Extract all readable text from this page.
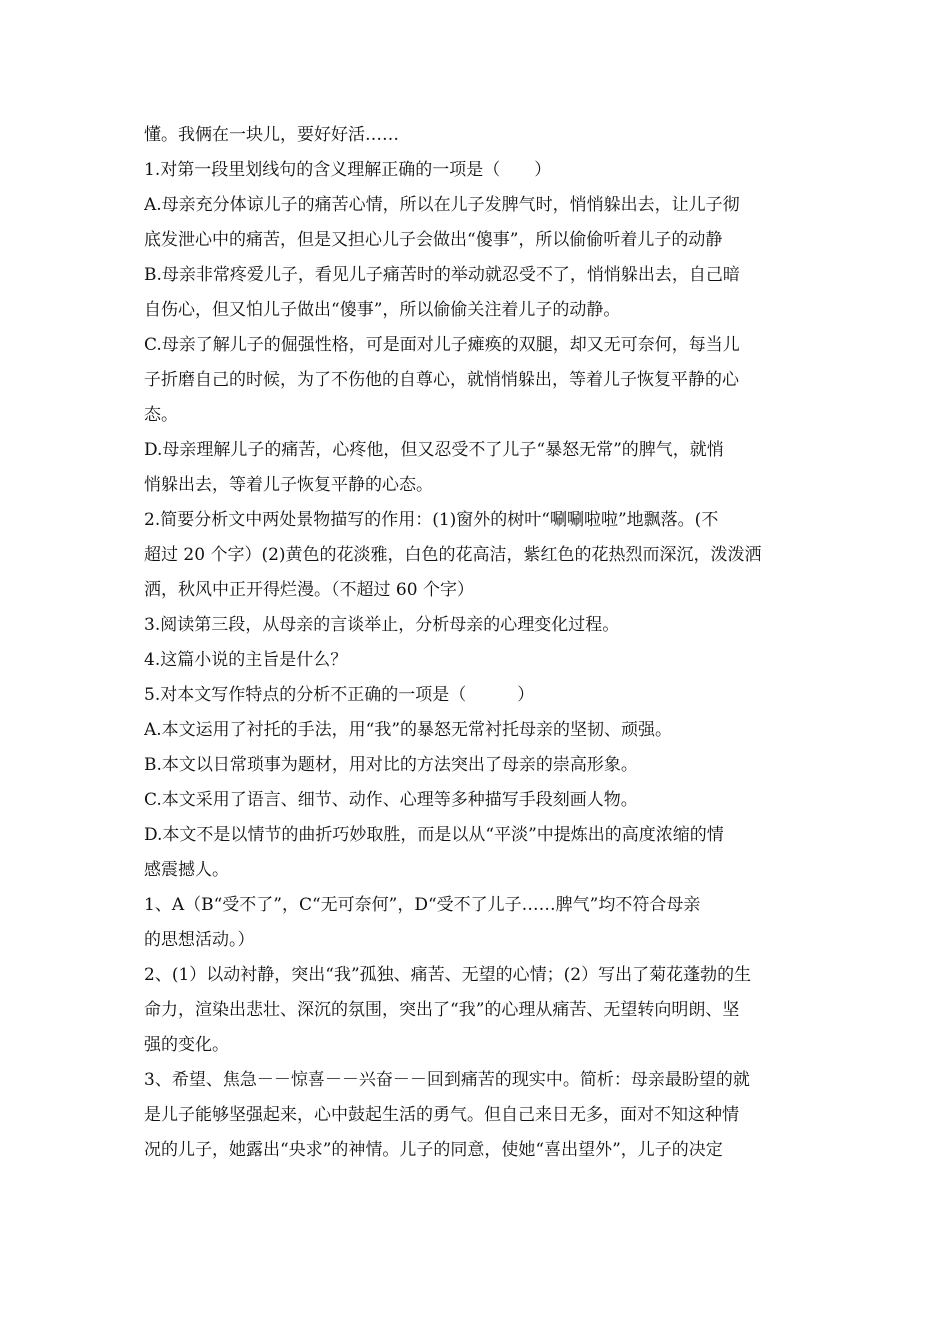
懂。我俩在一块儿，要好好活……
1.对第一段里划线句的含义理解正确的一项是（　　）
A.母亲充分体谅儿子的痛苦心情，所以在儿子发脾气时，悄悄躲出去，让儿子彻
底发泄心中的痛苦，但是又担心儿子会做出“傻事”，所以偷偷听着儿子的动静
B.母亲非常疼爱儿子，看见儿子痛苦时的举动就忍受不了，悄悄躲出去，自己暗
自伤心，但又怕儿子做出“傻事”，所以偷偷关注着儿子的动静。
C.母亲了解儿子的倔强性格，可是面对儿子瘫痪的双腿，却又无可奈何，每当儿
子折磨自己的时候，为了不伤他的自尊心，就悄悄躲出，等着儿子恢复平静的心
态。
D.母亲理解儿子的痛苦，心疼他，但又忍受不了儿子“暴怒无常”的脾气，就悄
悄躲出去，等着儿子恢复平静的心态。
2.简要分析文中两处景物描写的作用：(1)窗外的树叶“唰唰啦啦”地飘落。(不
超过 20 个字）(2)黄色的花淡雅，白色的花高洁，紫红色的花热烈而深沉，泼泼洒
洒，秋风中正开得烂漫。（不超过 60 个字）
3.阅读第三段，从母亲的言谈举止，分析母亲的心理变化过程。
4.这篇小说的主旨是什么？
5.对本文写作特点的分析不正确的一项是（　　　）
A.本文运用了衬托的手法，用“我”的暴怒无常衬托母亲的坚韧、顽强。
B.本文以日常琐事为题材，用对比的方法突出了母亲的崇高形象。
C.本文采用了语言、细节、动作、心理等多种描写手段刻画人物。
D.本文不是以情节的曲折巧妙取胜，而是以从“平淡”中提炼出的高度浓缩的情
感震撼人。
1、A（B“受不了”，C“无可奈何”，D“受不了儿子……脾气”均不符合母亲
的思想活动。）
2、(1）以动衬静，突出“我”孤独、痛苦、无望的心情；(2）写出了菊花蓬勃的生
命力，渲染出悲壮、深沉的氛围，突出了“我”的心理从痛苦、无望转向明朗、坚
强的变化。
3、希望、焦急－－惊喜－－兴奋－－回到痛苦的现实中。简析：母亲最盼望的就
是儿子能够坚强起来，心中鼓起生活的勇气。但自己来日无多，面对不知这种情
况的儿子，她露出“央求”的神情。儿子的同意，使她“喜出望外”，儿子的决定
